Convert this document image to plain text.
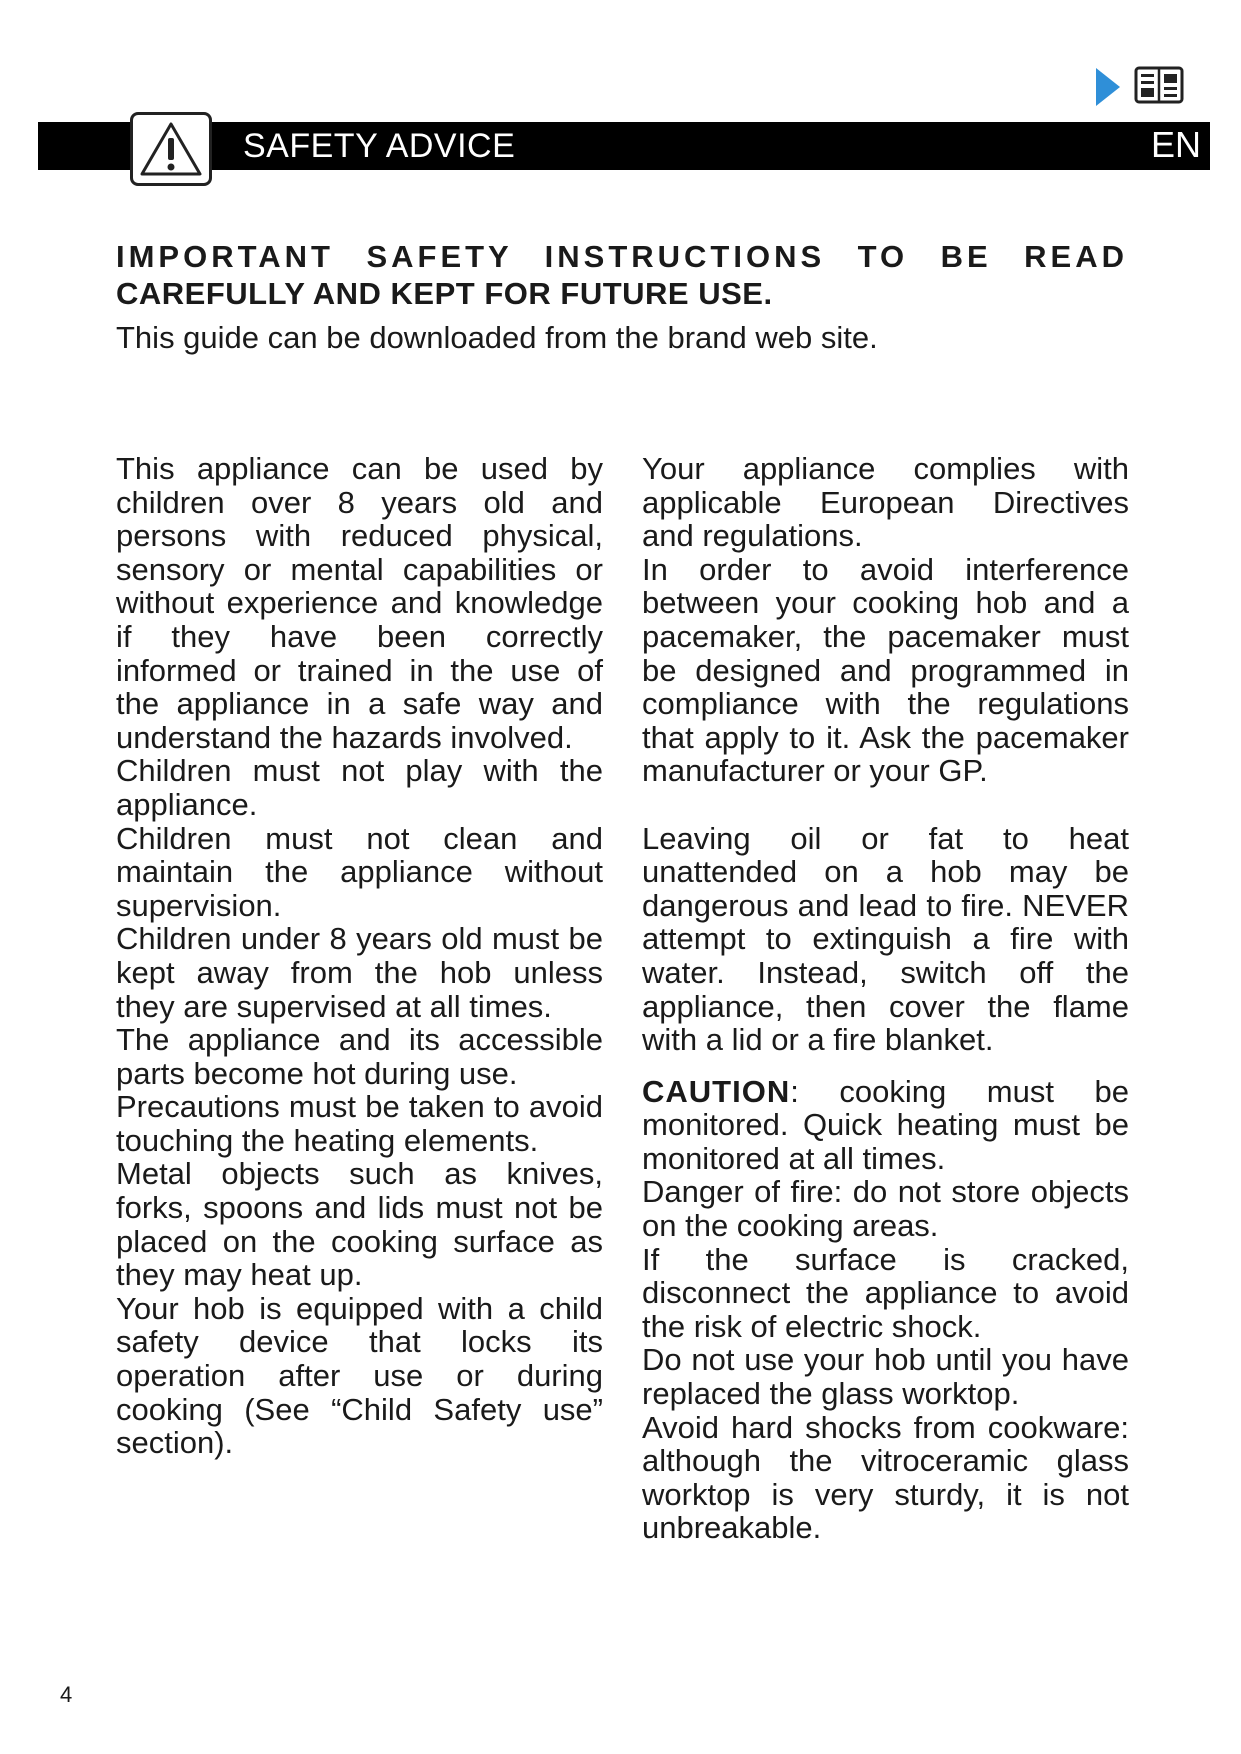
SAFETY ADVICE	EN
IMPORTANT SAFETY INSTRUCTIONS TO BE READ
CAREFULLY AND KEPT FOR FUTURE USE.

This guide can be downloaded from the brand web site.

This appliance can be used by children over 8 years old and persons with reduced physical, sensory or mental capabilities or without experience and knowledge if they have been correctly informed or trained in the use of the appliance in a safe way and understand the hazards involved.

Children must not play with the appliance.

Children must not clean and maintain the appliance without supervision.

Children under 8 years old must be kept away from the hob unless they are supervised at all times.

The appliance and its accessible parts become hot during use.

Precautions must be taken to avoid touching the heating elements.

Metal objects such as knives, forks, spoons and lids must not be placed on the cooking surface as they may heat up.

Your hob is equipped with a child safety device that locks its operation after use or during cooking (See “Child Safety use” section).

Your appliance complies with applicable European Directives and regulations.

In order to avoid interference between your cooking hob and a pacemaker, the pacemaker must be designed and programmed in compliance with the regulations that apply to it. Ask the pacemaker manufacturer or your GP.

Leaving oil or fat to heat unattended on a hob may be dangerous and lead to fire. NEVER attempt to extinguish a fire with water. Instead, switch off the appliance, then cover the flame with a lid or a fire blanket.

CAUTION: cooking must be monitored. Quick heating must be monitored at all times.

Danger of fire: do not store objects on the cooking areas.

If the surface is cracked, disconnect the appliance to avoid the risk of electric shock.

Do not use your hob until you have replaced the glass worktop.

Avoid hard shocks from cookware: although the vitroceramic glass worktop is very sturdy, it is not unbreakable.

4
